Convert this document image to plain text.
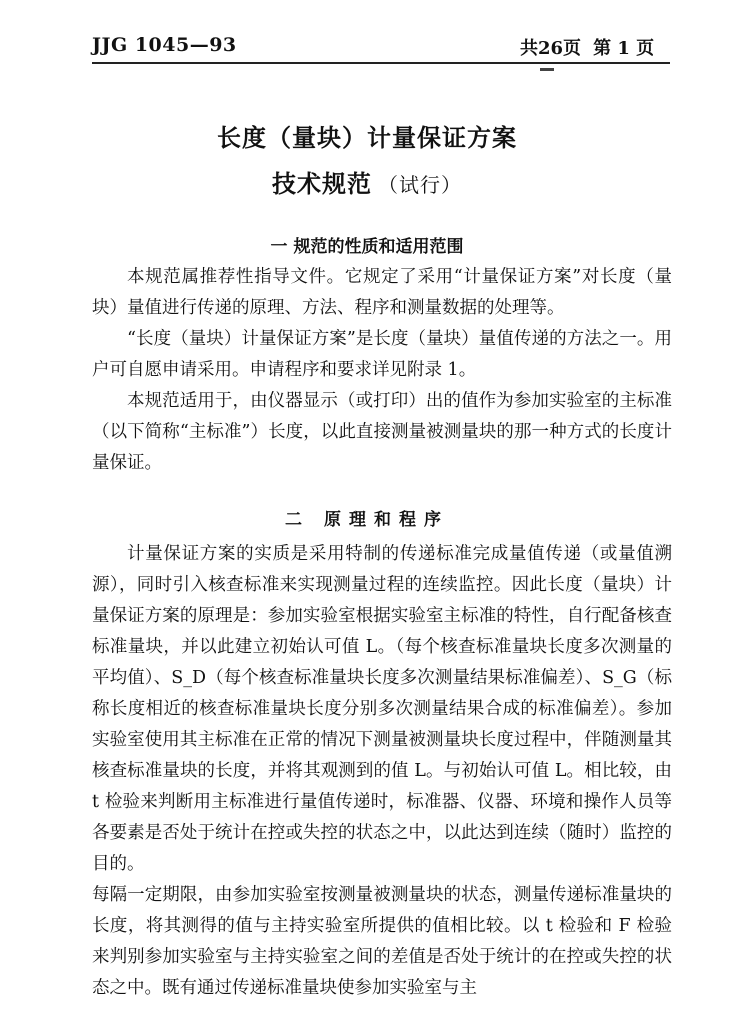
JJG 1045—93	共26页 第 1 页
长度（量块）计量保证方案
技术规范 （试行）
一 规范的性质和适用范围

本规范属推荐性指导文件。它规定了采用“计量保证方案”对长度（量块）量值进行传递的原理、方法、程序和测量数据的处理等。

“长度（量块）计量保证方案”是长度（量块）量值传递的方法之一。用户可自愿申请采用。申请程序和要求详见附录 1。

本规范适用于，由仪器显示（或打印）出的值作为参加实验室的主标准（以下简称“主标准”）长度，以此直接测量被测量块的那一种方式的长度计量保证。

二 原理和程序

计量保证方案的实质是采用特制的传递标准完成量值传递（或量值溯源），同时引入核查标准来实现测量过程的连续监控。因此长度（量块）计量保证方案的原理是：参加实验室根据实验室主标准的特性，自行配备核查标准量块，并以此建立初始认可值 L。（每个核查标准量块长度多次测量的平均值）、S_D（每个核查标准量块长度多次测量结果标准偏差）、S_G（标称长度相近的核查标准量块长度分别多次测量结果合成的标准偏差）。参加实验室使用其主标准在正常的情况下测量被测量块长度过程中，伴随测量其核查标准量块的长度，并将其观测到的值 L。与初始认可值 L。相比较，由 t 检验来判断用主标准进行量值传递时，标准器、仪器、环境和操作人员等各要素是否处于统计在控或失控的状态之中，以此达到连续（随时）监控的目的。

每隔一定期限，由参加实验室按测量被测量块的状态，测量传递标准量块的长度，将其测得的值与主持实验室所提供的值相比较。以 t 检验和 F 检验来判别参加实验室与主持实验室之间的差值是否处于统计的在控或失控的状态之中。既有通过传递标准量块使参加实验室与主
